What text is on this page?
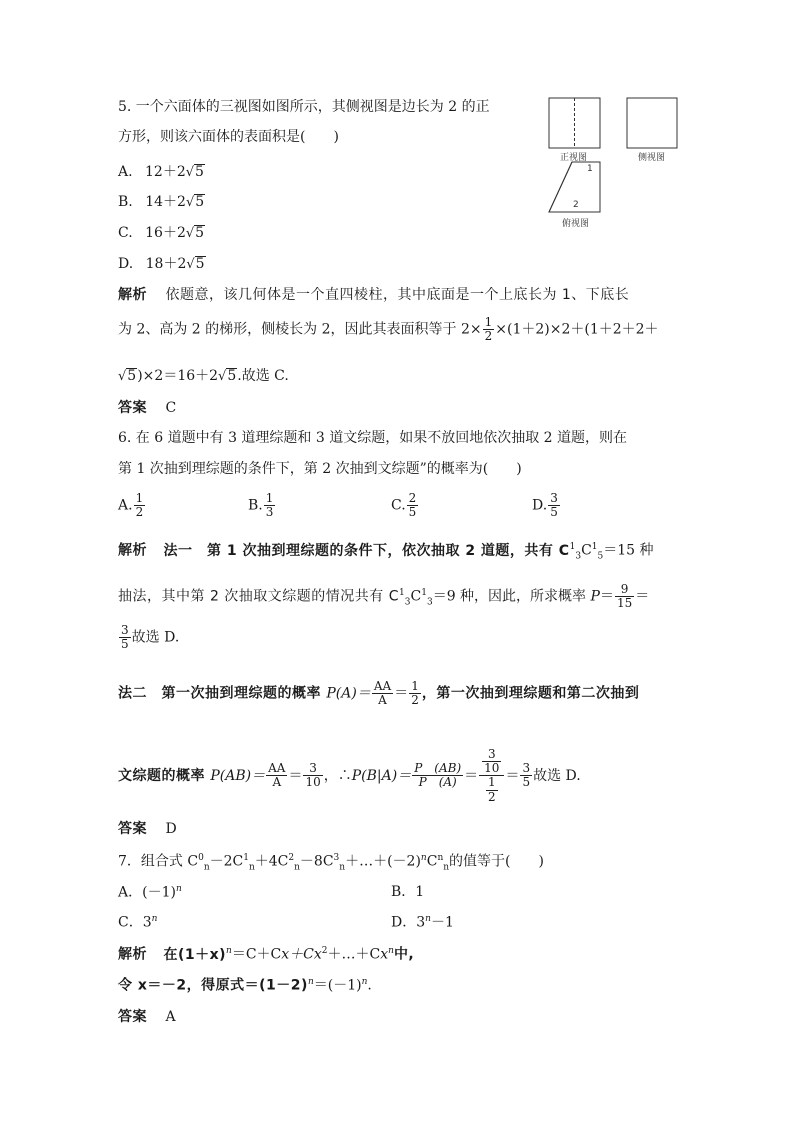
5. 一个六面体的三视图如图所示，其侧视图是边长为 2 的正
方形，则该六面体的表面积是(　　)
A. 12＋2√5
B. 14＋2√5
C. 16＋2√5
D. 18＋2√5
正视图	侧视图
俯视图
1
2
解析 依题意，该几何体是一个直四棱柱，其中底面是一个上底长为 1、下底长
为 2、高为 2 的梯形，侧棱长为 2，因此其表面积等于 $2\times \frac{1}{2} \times(1+2)\times 2+(1+2+2+$
√5)×2＝16＋2√5.故选 C.
答案 C
6. 在 6 道题中有 3 道理综题和 3 道文综题，如果不放回地依次抽取 2 道题，则在
第 1 次抽到理综题的条件下，第 2 次抽到文综题”的概率为(　　)
A. $\frac{1}{2}$	B. $\frac{1}{3}$	C. $\frac{2}{5}$	D. $\frac{3}{5}$
解析 法一　第 1 次抽到理综题的条件下，依次抽取 2 道题，共有 $C^1_3C^1_5=15$ 种
抽法，其中第 2 次抽取文综题的情况共有 $C^1_3C^1_3=9$ 种，因此，所求概率 $P= \frac{9}{15}$ ＝
$\frac{3}{5}$ 故选 D.
法二　第一次抽到理综题的概率 $P(A)= \frac{AA}{A} = \frac{1}{2}$ ，第一次抽到理综题和第二次抽到
文综题的概率 $P(AB)= \frac{AA}{A} = \frac{3}{10}$ ，∴P(B|A)＝ $\frac{P (AB)}{P (A)} = \frac{\frac{3}{10}}{\frac{1}{2}} = \frac{3}{5}$ 故选 D.
答案 D
7．组合式 $C^0_n-2C^1_n+4C^2_n-8C^3_n+\dots+(-2)^nC^n_n$的值等于(　　)
A．$(-1)^n$	B．1
C．3$^n$	D．$3^n-1$
解析 在$(1+x)^n=C+Cx+Cx^2+\dots+Cx^n$中,
令 x＝－2，得原式$=(1-2)^n=(-1)^n$.
答案 A
